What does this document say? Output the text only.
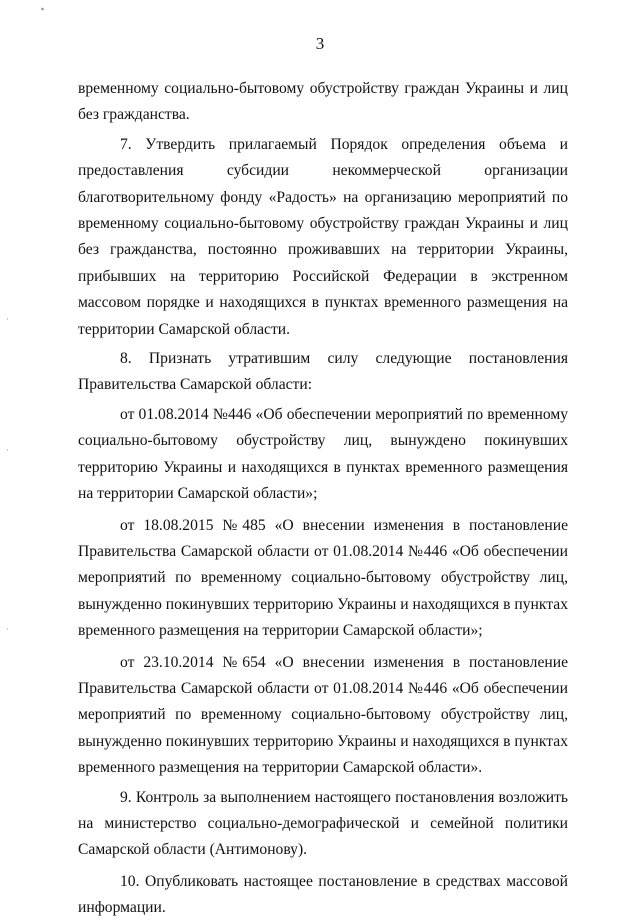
3

временному социально-бытовому обустройству граждан Украины и лиц без гражданства.

7. Утвердить прилагаемый Порядок определения объема и предоставления субсидии некоммерческой организации благотворительному фонду «Радость» на организацию мероприятий по временному социально-бытовому обустройству граждан Украины и лиц без гражданства, постоянно проживавших на территории Украины, прибывших на территорию Российской Федерации в экстренном массовом порядке и находящихся в пунктах временного размещения на территории Самарской области.

8. Признать утратившим силу следующие постановления Правительства Самарской области:

от 01.08.2014 №446 «Об обеспечении мероприятий по временному социально-бытовому обустройству лиц, вынуждено покинувших территорию Украины и находящихся в пунктах временного размещения на территории Самарской области»;

от 18.08.2015 №485 «О внесении изменения в постановление Правительства Самарской области от 01.08.2014 №446 «Об обеспечении мероприятий по временному социально-бытовому обустройству лиц, вынужденно покинувших территорию Украины и находящихся в пунктах временного размещения на территории Самарской области»;

от 23.10.2014 №654 «О внесении изменения в постановление Правительства Самарской области от 01.08.2014 №446 «Об обеспечении мероприятий по временному социально-бытовому обустройству лиц, вынужденно покинувших территорию Украины и находящихся в пунктах временного размещения на территории Самарской области».

9. Контроль за выполнением настоящего постановления возложить на министерство социально-демографической и семейной политики Самарской области (Антимонову).

10. Опубликовать настоящее постановление в средствах массовой информации.
